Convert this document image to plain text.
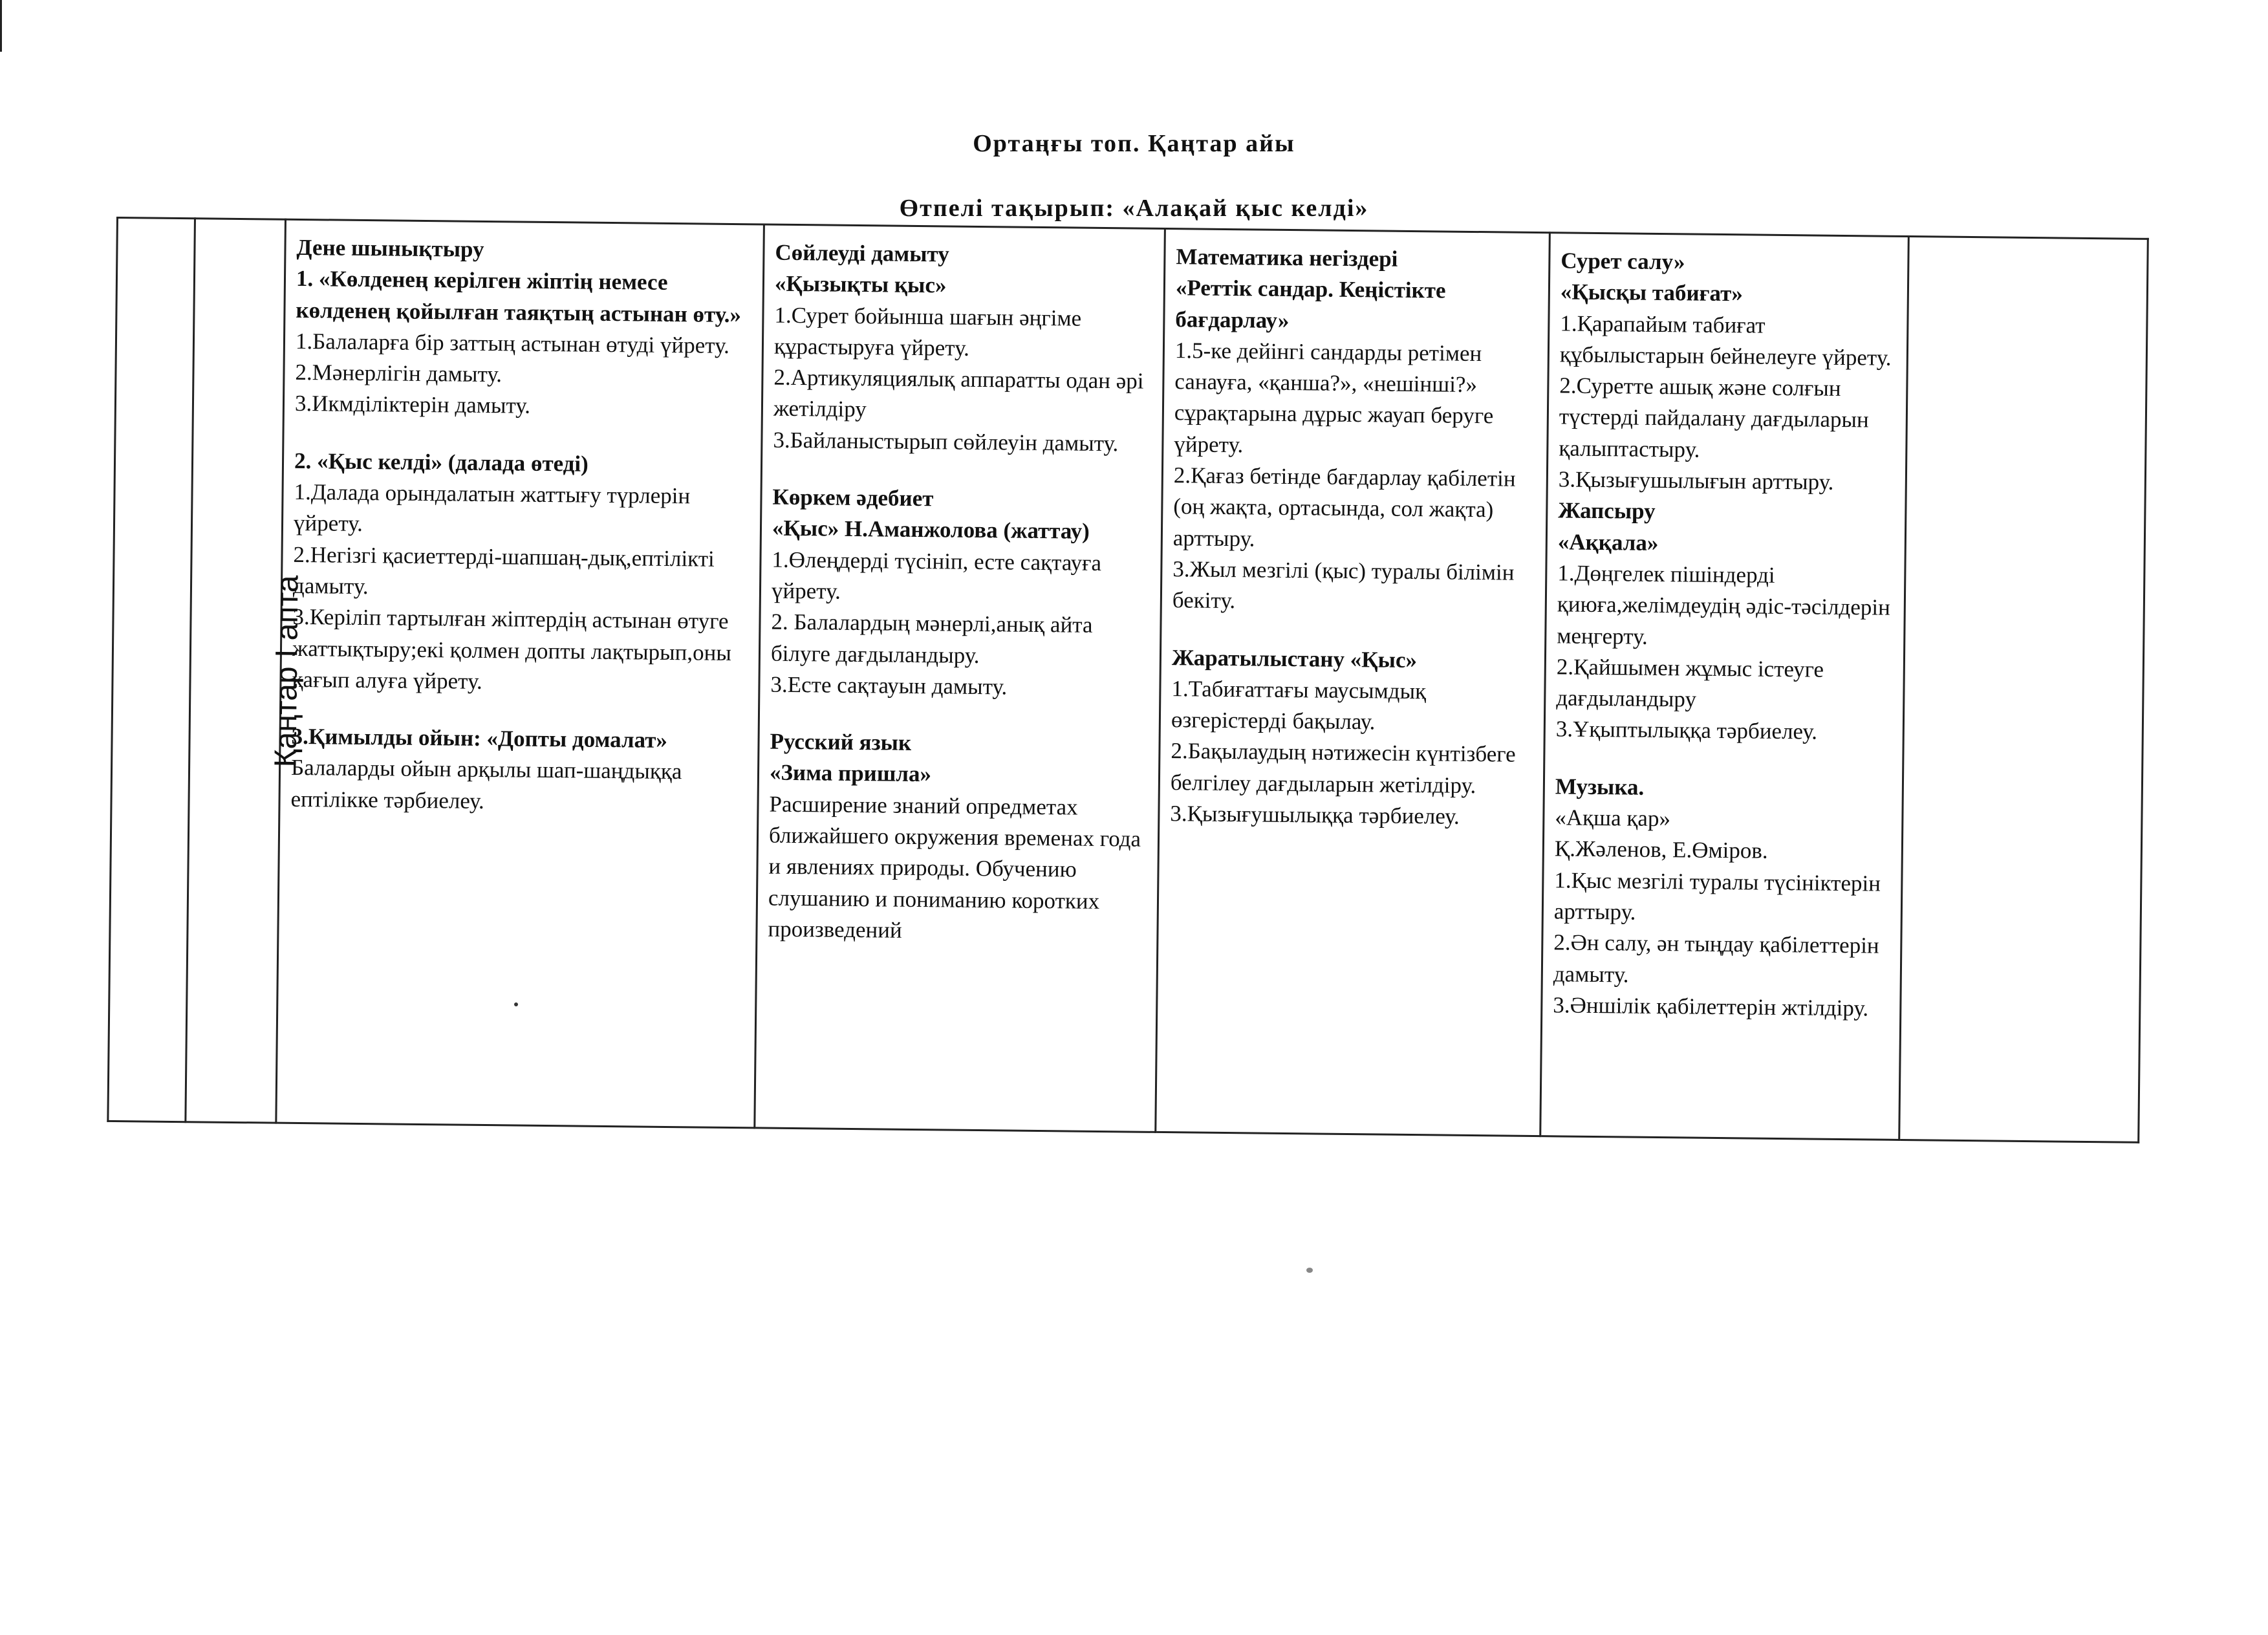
Ортаңғы топ. Қаңтар айы
Өтпелі тақырып: «Алақай қыс келді»
	Қаңтар І апта	
Дене шынықтыру
1. «Көлденең керілген жіптің немесе көлденең қойылған таяқтың астынан өту.»
1.Балаларға бір заттың астынан өтуді үйрету.
2.Мәнерлігін дамыту.
3.Икмділіктерін дамыту.
2. «Қыс келді» (далада өтеді)
1.Далада орындалатын жаттығу түрлерін үйрету.
2.Негізгі қасиеттерді-шапшаң-дық,ептілікті дамыту.
3.Керіліп тартылған жіптердің астынан өтуге жаттықтыру;екі қолмен допты лақтырып,оны қағып алуға үйрету.
3.Қимылды ойын: «Допты домалат»
Балаларды ойын арқылы шап-шаңдыққа ептілікке тәрбиелеу.

Сөйлеуді дамыту
«Қызықты қыс»
1.Сурет бойынша шағын әңгіме құрастыруға үйрету.
2.Артикуляциялық аппаратты одан әрі жетілдіру
3.Байланыстырып сөйлеуін дамыту.
Көркем әдебиет
«Қыс» Н.Аманжолова (жаттау)
1.Өлеңдерді түсініп, есте сақтауға үйрету.
2. Балалардың мәнерлі,анық айта білуге дағдыландыру.
3.Есте сақтауын дамыту.
Русский язык
«Зима пришла»
Расширение знаний опредметах ближайшего окружения временах года и явлениях природы. Обучению слушанию и пониманию коротких произведений

Математика негіздері
«Реттік сандар. Кеңістікте бағдарлау»
1.5-ке дейінгі сандарды ретімен санауға, «қанша?», «нешінші?» сұрақтарына дұрыс жауап беруге үйрету.
2.Қағаз бетінде бағдарлау қабілетін (оң жақта, ортасында, сол жақта) арттыру.
3.Жыл мезгілі (қыс) туралы білімін бекіту.
Жаратылыстану «Қыс»
1.Табиғаттағы маусымдық өзгерістерді бақылау.
2.Бақылаудың нәтижесін күнтізбеге белгілеу дағдыларын жетілдіру.
3.Қызығушылыққа тәрбиелеу.

Сурет салу»
«Қысқы табиғат»
1.Қарапайым табиғат құбылыстарын бейнелеуге үйрету.
2.Суретте ашық және солғын түстерді пайдалану дағдыларын қалыптастыру.
3.Қызығушылығын арттыру.
Жапсыру
«Аққала»
1.Дөңгелек пішіндерді қиюға,желімдеудің әдіс-тәсілдерін меңгерту.
2.Қайшымен жұмыс істеуге дағдыландыру
3.Ұқыптылыққа тәрбиелеу.
Музыка.
«Ақша қар»
Қ.Жәленов, Е.Өміров.
1.Қыс мезгілі туралы түсініктерін арттыру.
2.Ән салу, ән тыңдау қабілеттерін дамыту.
3.Әншілік қабілеттерін жтілдіру.
